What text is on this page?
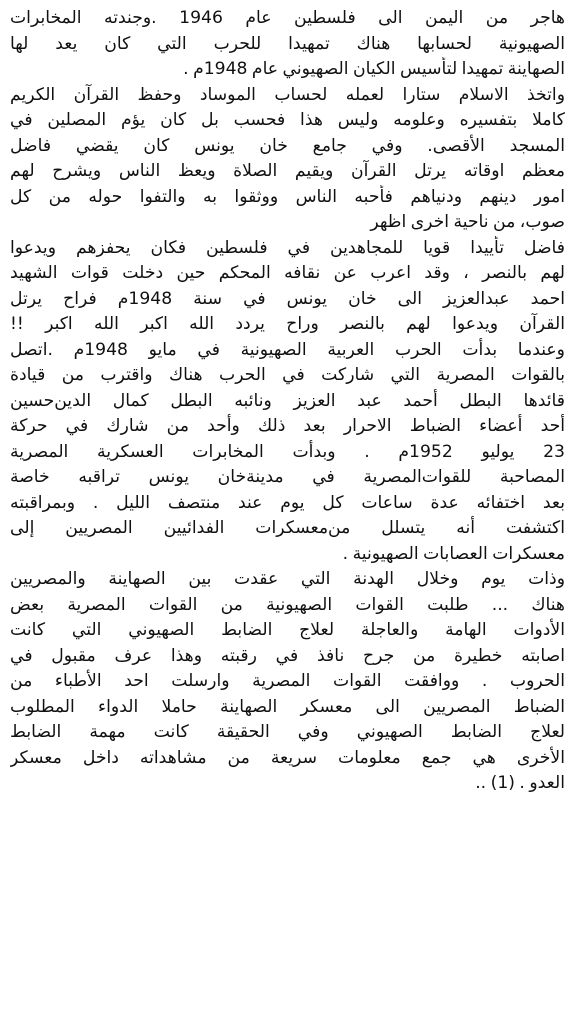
هاجر من اليمن الى فلسطين عام 1946 .وجندته المخابرات
الصهيونية لحسابها هناك تمهيدا للحرب التي كان يعد لها
الصهاينة تمهيدا لتأسيس الكيان الصهيوني عام 1948م .
واتخذ الاسلام ستارا لعمله لحساب الموساد وحفظ القرآن الكريم
كاملا بتفسيره وعلومه وليس هذا فحسب بل كان يؤم المصلين في
المسجد الأقصى. وفي جامع خان يونس كان يقضي فاضل
معظم اوقاته يرتل القرآن ويقيم الصلاة ويعظ الناس ويشرح لهم
امور دينهم ودنياهم فأحبه الناس ووثقوا به والتفوا حوله من كل
صوب، من ناحية اخرى اظهر
فاضل تأييدا قويا للمجاهدين في فلسطين فكان يحفزهم ويدعوا
لهم بالنصر ، وقد اعرب عن نقافه المحكم حين دخلت قوات الشهيد
احمد عبدالعزيز الى خان يونس في سنة 1948م فراح يرتل
القرآن ويدعوا لهم بالنصر وراح يردد الله اكبر الله اكبر !!
وعندما بدأت الحرب العربية الصهيونية في مايو 1948م .اتصل
بالقوات المصرية التي شاركت في الحرب هناك واقترب من قيادة
قائدها البطل أحمد عبد العزيز ونائبه البطل كمال الدين‌حسين
أحد أعضاء الضباط الاحرار بعد ذلك وأحد من شارك في حركة
23 يوليو 1952م . وبدأت المخابرات العسكرية المصرية
المصاحبة للقوات‌المصرية في مدينةخان يونس تراقبه خاصة
بعد اختفائه عدة ساعات كل يوم عند منتصف الليل . وبمراقبته
اكتشفت أنه يتسلل من‌معسكرات الفدائيين المصريين إلى
معسكرات العصابات الصهيونية .
وذات يوم وخلال الهدنة التي عقدت بين الصهاينة والمصريين
هناك ... طلبت القوات الصهيونية من القوات المصرية بعض
الأدوات الهامة والعاجلة لعلاج الضابط الصهيوني التي كانت
اصابته خطيرة من جرح نافذ في رقبته وهذا عرف مقبول في
الحروب . ووافقت القوات المصرية وارسلت احد الأطباء من
الضباط المصريين الى معسكر الصهاينة حاملا الدواء المطلوب
لعلاج الضابط الصهيوني وفي الحقيقة كانت مهمة الضابط
الأخرى هي جمع معلومات سريعة من مشاهداته داخل معسكر
العدو . (1) ..
